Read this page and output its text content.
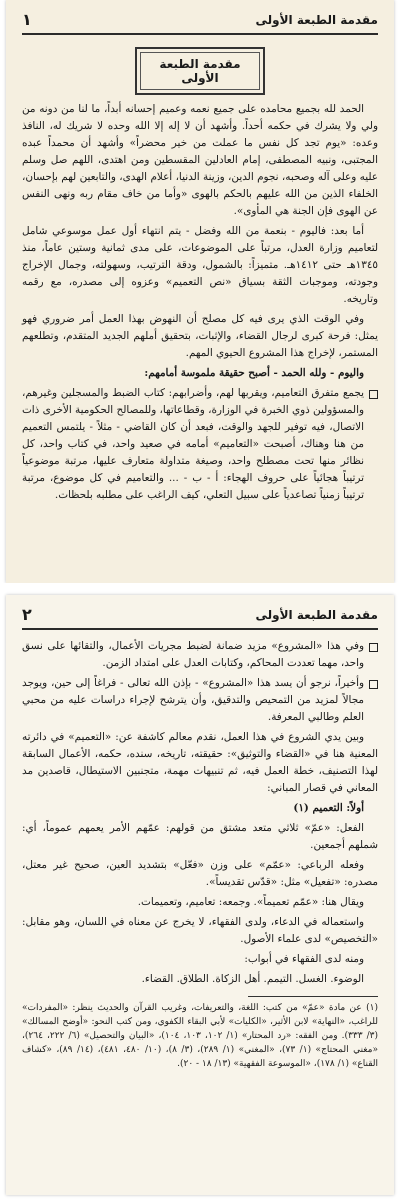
مقدمة الطبعة الأولى
١
مقدمة الطبعة الأولى

الحمد لله بجميع محامده على جميع نعمه وعميم إحسانه أبداً، ما لنا من دونه من ولي ولا يشرك في حكمه أحداً. وأشهد أن لا إله إلا الله وحده لا شريك له، النافذ وعده: «يوم تجد كل نفس ما عملت من خير محضراً» وأشهد أن محمداً عبده المجتبى، ونبيه المصطفى، إمام العادلين المقسطين ومن اهتدى، اللهم صل وسلم عليه وعلى آله وصحبه، نجوم الدين، وزينة الدنيا، أعلام الهدى، والتابعين لهم بإحسان، الخلفاء الذين من الله عليهم بالحكم بالهوى «وأما من خاف مقام ربه ونهى النفس عن الهوى فإن الجنة هي المأوى».

أما بعد: فاليوم - بنعمة من الله وفضل - يتم انتهاء أول عمل موسوعي شامل لتعاميم وزارة العدل، مرتباً على الموضوعات، على مدى ثمانية وستين عاماً، منذ ١٣٤٥هـ حتى ١٤١٢هـ. متميزاً: بالشمول، ودقة الترتيب، وسهولته، وجمال الإخراج وجودته، وموجبات الثقة بسياق «نص التعميم» وعزوه إلى مصدره، مع رقمه وتاريخه.

وفي الوقت الذي يرى فيه كل مصلح أن النهوض بهذا العمل أمر ضروري فهو يمثل: فرحة كبرى لرجال القضاء، والإثبات، بتحقيق أملهم الجديد المتقدم، وتطلعهم المستمر، لإخراج هذا المشروع الحيوي المهم.

واليوم - ولله الحمد - أصبح حقيقة ملموسة أمامهم:

يجمع متفرق التعاميم، ويقربها لهم، وأضرابهم: كتاب الضبط والمسجلين وغيرهم، والمسؤولين ذوي الخبرة في الوزارة، وقطاعاتها، وللمصالح الحكومية الأخرى ذات الاتصال، فيه توفير للجهد والوقت، فبعد أن كان القاضي - مثلاً - يلتمس التعميم من هنا وهناك، أصبحت «التعاميم» أمامه في صعيد واحد، في كتاب واحد، كل نظائر منها تحت مصطلح واحد، وصيغة متداولة متعارف عليها، مرتبة موضوعياً ترتيباً هجائياً على حروف الهجاء: أ - ب - ... والتعاميم في كل موضوع، مرتبة ترتيباً زمنياً تصاعدياً على سبيل التعلي، كيف الراغب على مطلبه بلحظات.
مقدمة الطبعة الأولى
٢
وفي هذا «المشروع» مزيد ضمانة لضبط مجريات الأعمال، والتقائها على نسق واحد، مهما تعددت المحاكم، وكتابات العدل على امتداد الزمن.
وأخيراً، نرجو أن يسد هذا «المشروع» - بإذن الله تعالى - فراغاً إلى حين، ويوجد مجالاً لمزيد من التمحيص والتدقيق، وأن يترشح لإجراء دراسات عليه من محبي العلم وطالبي المعرفة.

وبين يدي الشروع في هذا العمل، نقدم معالم كاشفة عن: «التعميم» في دائرته المعنية هنا في «القضاء والتوثيق»: حقيقته، تاريخه، سنده، حكمه، الأعمال السابقة لهذا التصنيف، خطة العمل فيه، ثم تنبيهات مهمة، متجنبين الاستيطال، قاصدين مد المعاني في قصار المباني:

أولاً: التعميم (١)

الفعل: «عمّ» ثلاثي متعد مشتق من قولهم: عمّهم الأمر يعمهم عموماً، أي: شملهم أجمعين.

وفعله الرباعي: «عمّم» على وزن «فعّل» بتشديد العين، صحيح غير معتل، مصدره: «تفعيل» مثل: «قدّس تقديساً».

ويقال هنا: «عمّم تعميماً». وجمعه: تعاميم، وتعميمات.

واستعماله في الدعاء، ولدى الفقهاء، لا يخرج عن معناه في اللسان، وهو مقابل: «التخصيص» لدى علماء الأصول.

ومنه لدى الفقهاء في أبواب:

الوضوء. الغسل. التيمم. أهل الزكاة. الطلاق. القضاء.

(١) عن مادة «عمّ» من كتب: اللغة، والتعريفات، وغريب القرآن والحديث ينظر: «المفردات» للراغب، «النهاية» لابن الأثير، «الكليات» لأبي البقاء الكفوي، ومن كتب النحو: «أوضح المسالك» (٣/ ٣٣٣). ومن الفقه: «رد المحتار» (١/ ١٠٢، ١٠٣، ١٠٤)، «البيان والتحصيل» (٦/ ٢٢٢، ٢٦٤)، «مغني المحتاج» (١/ ٧٣)، «المغني» (١/ ٢٨٩)، (٣/ ٨)، (١٠/ ٤٨٠، ٤٨١)، (١٤/ ٨٩)، «كشاف القناع» (١/ ١٧٨)، «الموسوعة الفقهية» (١٣/ ١٨ - ٢٠).
